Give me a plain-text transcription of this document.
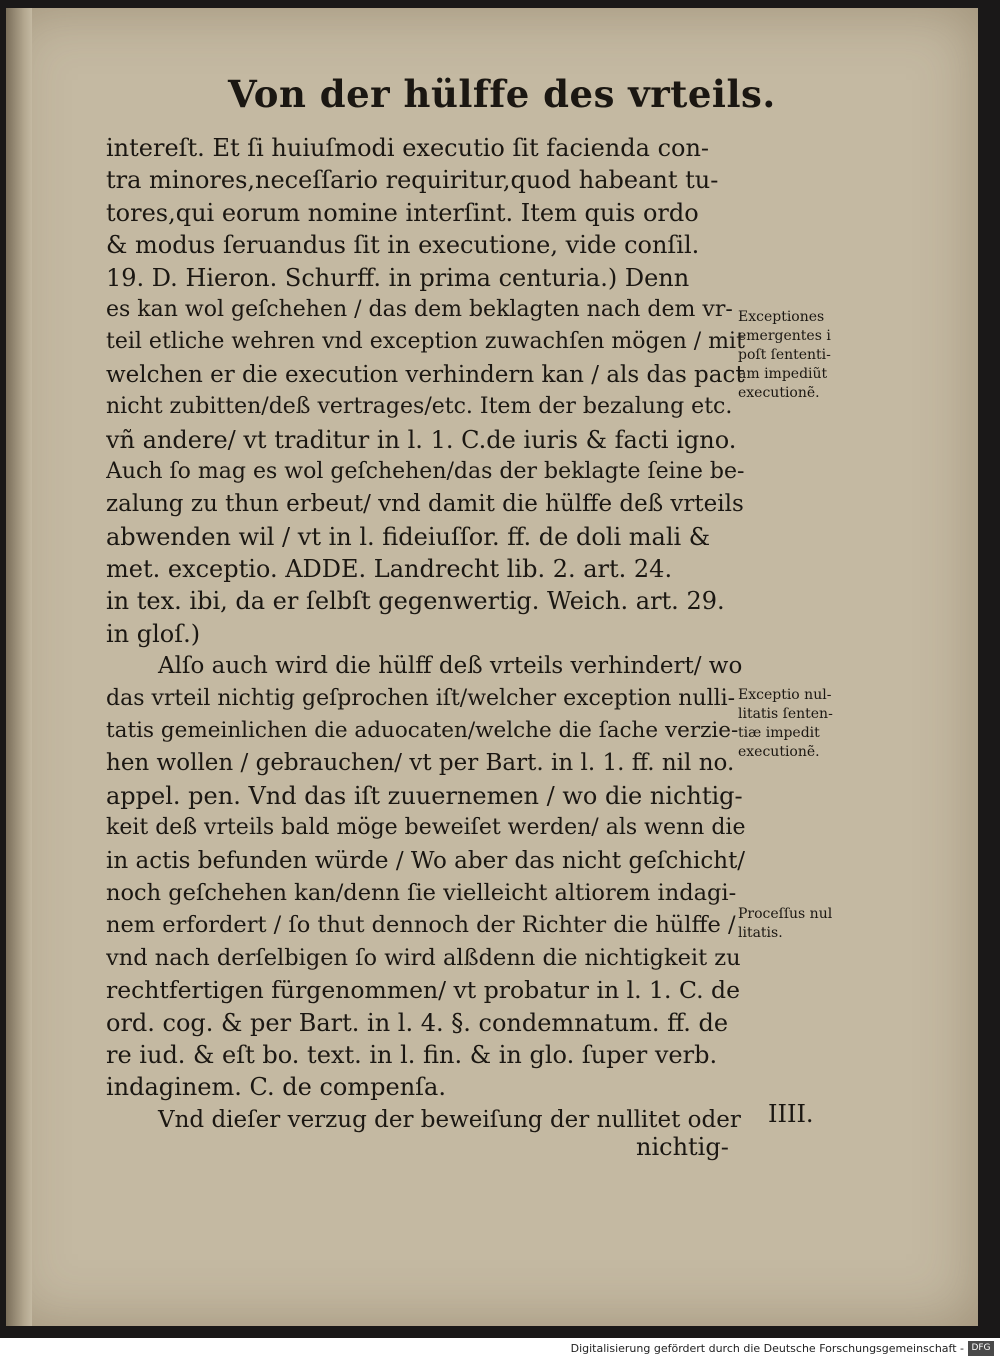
Von der hülffe des vrteils.
intereſt. Et ſi huiuſmodi executio ſit facienda con-
tra minores,neceſſario requiritur,quod habeant tu-
tores,qui eorum nomine interſint. Item quis ordo
& modus ſeruandus ſit in executione, vide conſil.
19. D. Hieron. Schurff. in prima centuria.) Denn
es kan wol geſchehen / das dem beklagten nach dem vr-
teil etliche wehren vnd exception zuwachſen mögen / mit
welchen er die execution verhindern kan / als das pact
nicht zubitten/deß vertrages/etc. Item der bezalung etc.
vñ andere/ vt traditur in l. 1. C.de iuris & facti igno.
Auch ſo mag es wol geſchehen/das der beklagte ſeine be-
zalung zu thun erbeut/ vnd damit die hülffe deß vrteils
abwenden wil / vt in l. fideiuſſor. ff. de doli mali &
met. exceptio. ADDE. Landrecht lib. 2. art. 24.
in tex. ibi, da er ſelbſt gegenwertig. Weich. art. 29.
in gloſ.)
Alſo auch wird die hülff deß vrteils verhindert/ wo
das vrteil nichtig geſprochen iſt/welcher exception nulli-
tatis gemeinlichen die aduocaten/welche die ſache verzie-
hen wollen / gebrauchen/ vt per Bart. in l. 1. ff. nil no.
appel. pen. Vnd das iſt zuuernemen / wo die nichtig-
keit deß vrteils bald möge beweiſet werden/ als wenn die
in actis befunden würde / Wo aber das nicht geſchicht/
noch geſchehen kan/denn ſie vielleicht altiorem indagi-
nem erfordert / ſo thut dennoch der Richter die hülffe /
vnd nach derſelbigen ſo wird alßdenn die nichtigkeit zu
rechtfertigen fürgenommen/ vt probatur in l. 1. C. de
ord. cog. & per Bart. in l. 4. §. condemnatum. ff. de
re iud. & eſt bo. text. in l. fin. & in glo. ſuper verb.
indaginem. C. de compenſa.
Vnd dieſer verzug der beweiſung der nullitet oder
Exceptiones
emergentes i
poſt ſententi-
am impediũt
executionẽ.
Exceptio nul-
litatis ſenten-
tiæ impedit
executionẽ.
Proceſſus nul
litatis.
IIII.
nichtig-
Digitalisierung gefördert durch die Deutsche Forschungsgemeinschaft - DFG
